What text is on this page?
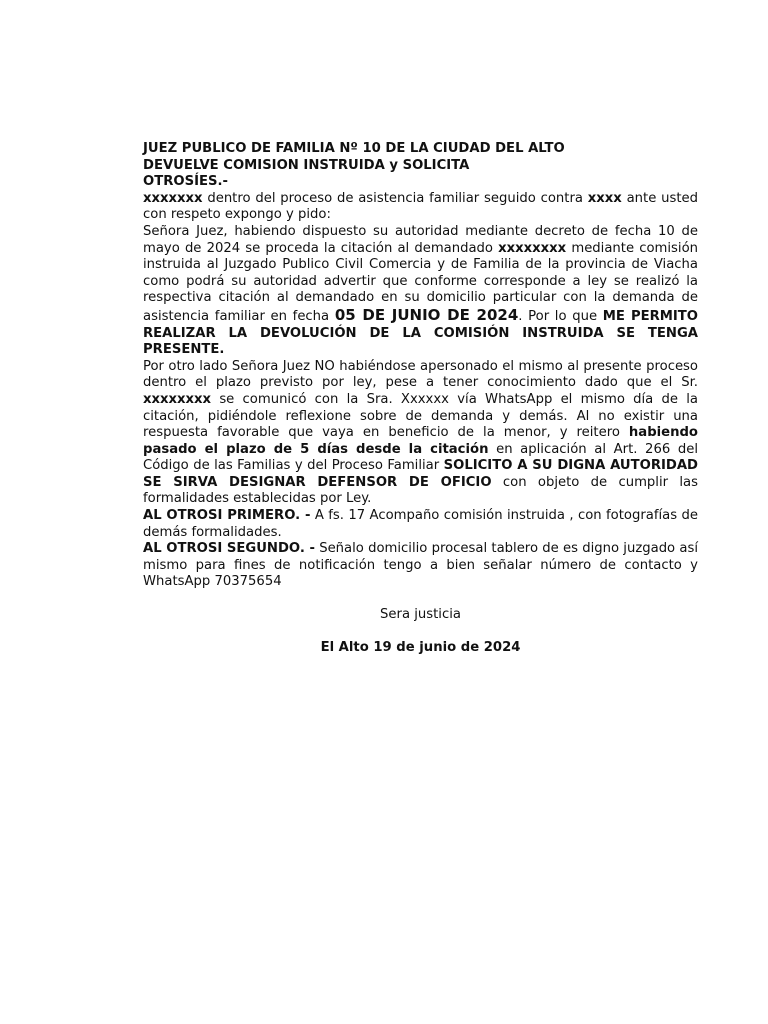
JUEZ PUBLICO DE FAMILIA Nº 10 DE LA CIUDAD DEL ALTO

DEVUELVE COMISION INSTRUIDA y SOLICITA

OTROSÍES.-

xxxxxxx dentro del proceso de asistencia familiar seguido contra xxxx ante usted con respeto expongo y pido:

Señora Juez, habiendo dispuesto su autoridad mediante decreto de fecha 10 de mayo de 2024 se proceda la citación al demandado xxxxxxxx mediante comisión instruida al Juzgado Publico Civil Comercia y de Familia de la provincia de Viacha como podrá su autoridad advertir que conforme corresponde a ley se realizó la respectiva citación al demandado en su domicilio particular con la demanda de asistencia familiar en fecha 05 DE JUNIO DE 2024. Por lo que ME PERMITO REALIZAR LA DEVOLUCIÓN DE LA COMISIÓN INSTRUIDA SE TENGA PRESENTE.

Por otro lado Señora Juez NO habiéndose apersonado el mismo al presente proceso dentro el plazo previsto por ley, pese a tener conocimiento dado que el Sr. xxxxxxxx se comunicó con la Sra. Xxxxxx vía WhatsApp el mismo día de la citación, pidiéndole reflexione sobre de demanda y demás. Al no existir una respuesta favorable que vaya en beneficio de la menor, y reitero habiendo pasado el plazo de 5 días desde la citación en aplicación al Art. 266 del Código de las Familias y del Proceso Familiar SOLICITO A SU DIGNA AUTORIDAD SE SIRVA DESIGNAR DEFENSOR DE OFICIO con objeto de cumplir las formalidades establecidas por Ley.

AL OTROSI PRIMERO. - A fs. 17 Acompaño comisión instruida , con fotografías de demás formalidades.

AL OTROSI SEGUNDO. - Señalo domicilio procesal tablero de es digno juzgado así mismo para fines de notificación tengo a bien señalar número de contacto y WhatsApp 70375654

Sera justicia

El Alto 19 de junio de 2024
